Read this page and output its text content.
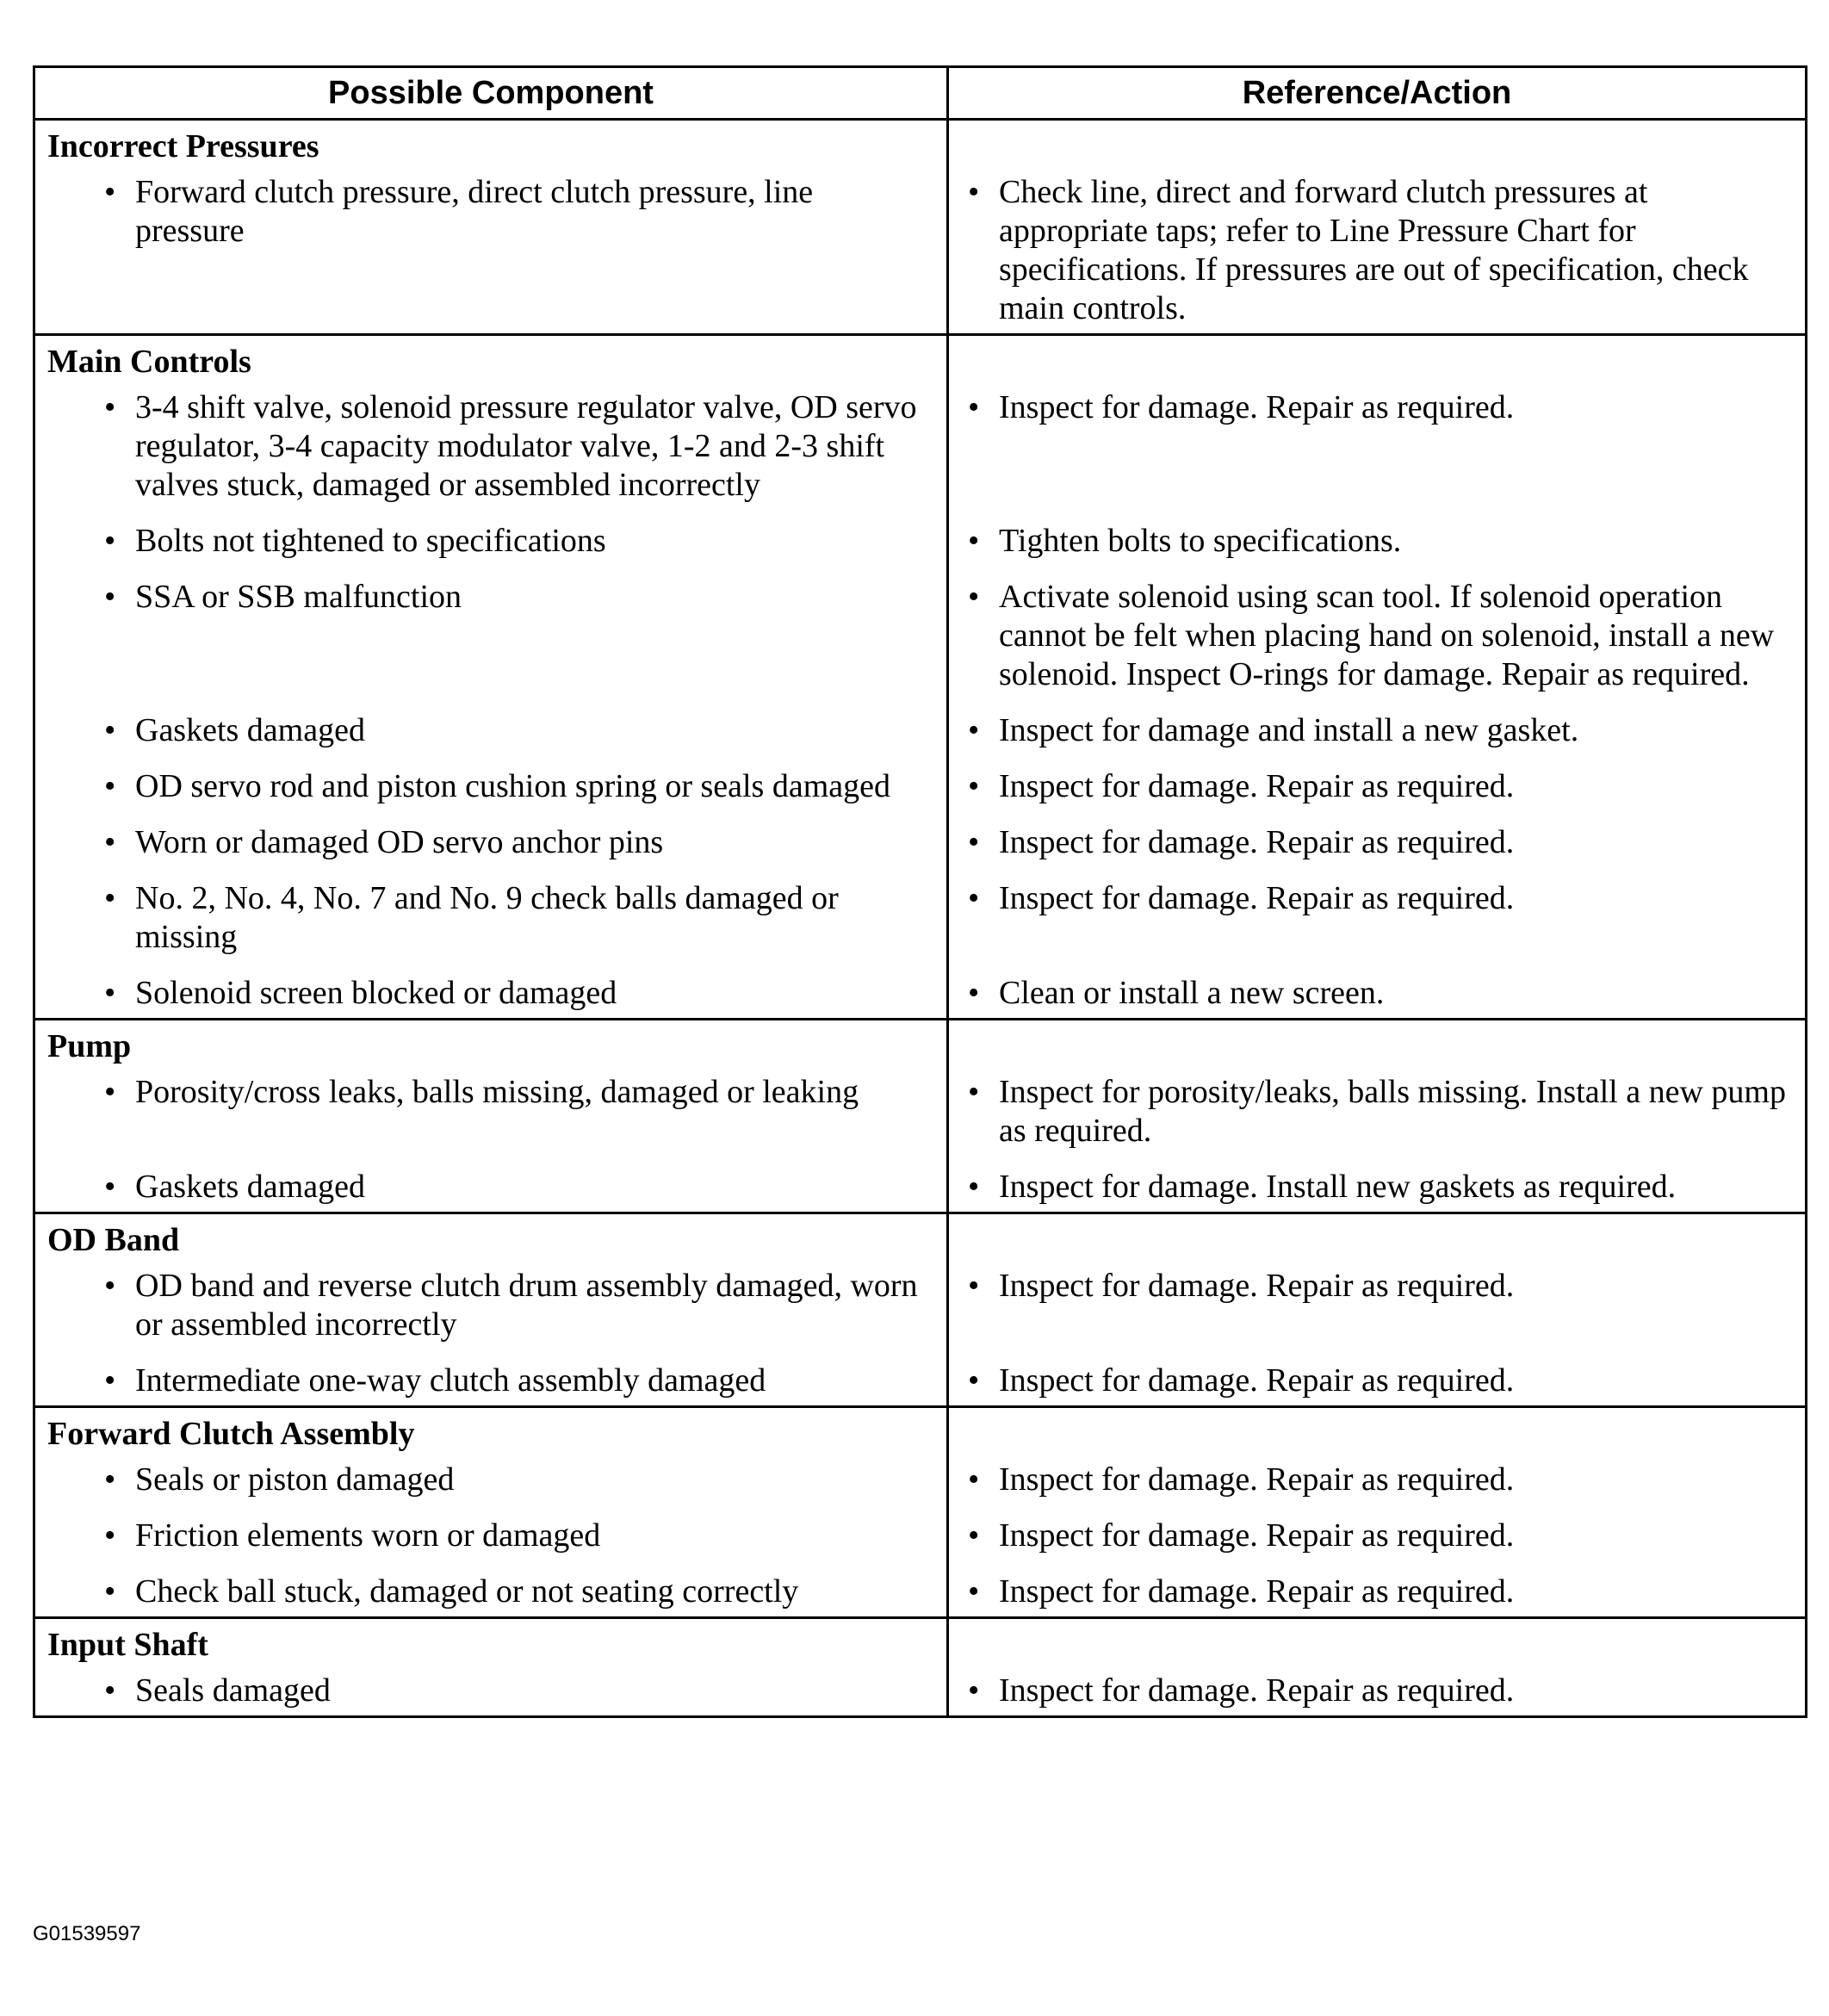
Possible Component	Reference/Action
Incorrect Pressures	

• Forward clutch pressure, direct clutch pressure, line pressure	• Check line, direct and forward clutch pressures at appropriate taps; refer to Line Pressure Chart for specifications. If pressures are out of specification, check main controls.

Main Controls	

• 3-4 shift valve, solenoid pressure regulator valve, OD servo regulator, 3-4 capacity modulator valve, 1-2 and 2-3 shift valves stuck, damaged or assembled incorrectly	• Inspect for damage. Repair as required.

• Bolts not tightened to specifications	• Tighten bolts to specifications.

• SSA or SSB malfunction	• Activate solenoid using scan tool. If solenoid operation cannot be felt when placing hand on solenoid, install a new solenoid. Inspect O-rings for damage. Repair as required.

• Gaskets damaged	• Inspect for damage and install a new gasket.

• OD servo rod and piston cushion spring or seals damaged	• Inspect for damage. Repair as required.

• Worn or damaged OD servo anchor pins	• Inspect for damage. Repair as required.

• No. 2, No. 4, No. 7 and No. 9 check balls damaged or missing	• Inspect for damage. Repair as required.

• Solenoid screen blocked or damaged	• Clean or install a new screen.

Pump	

• Porosity/cross leaks, balls missing, damaged or leaking	• Inspect for porosity/leaks, balls missing. Install a new pump as required.

• Gaskets damaged	• Inspect for damage. Install new gaskets as required.

OD Band	

• OD band and reverse clutch drum assembly damaged, worn or assembled incorrectly	• Inspect for damage. Repair as required.

• Intermediate one-way clutch assembly damaged	• Inspect for damage. Repair as required.

Forward Clutch Assembly	

• Seals or piston damaged	• Inspect for damage. Repair as required.

• Friction elements worn or damaged	• Inspect for damage. Repair as required.

• Check ball stuck, damaged or not seating correctly	• Inspect for damage. Repair as required.

Input Shaft	

• Seals damaged	• Inspect for damage. Repair as required.
G01539597
